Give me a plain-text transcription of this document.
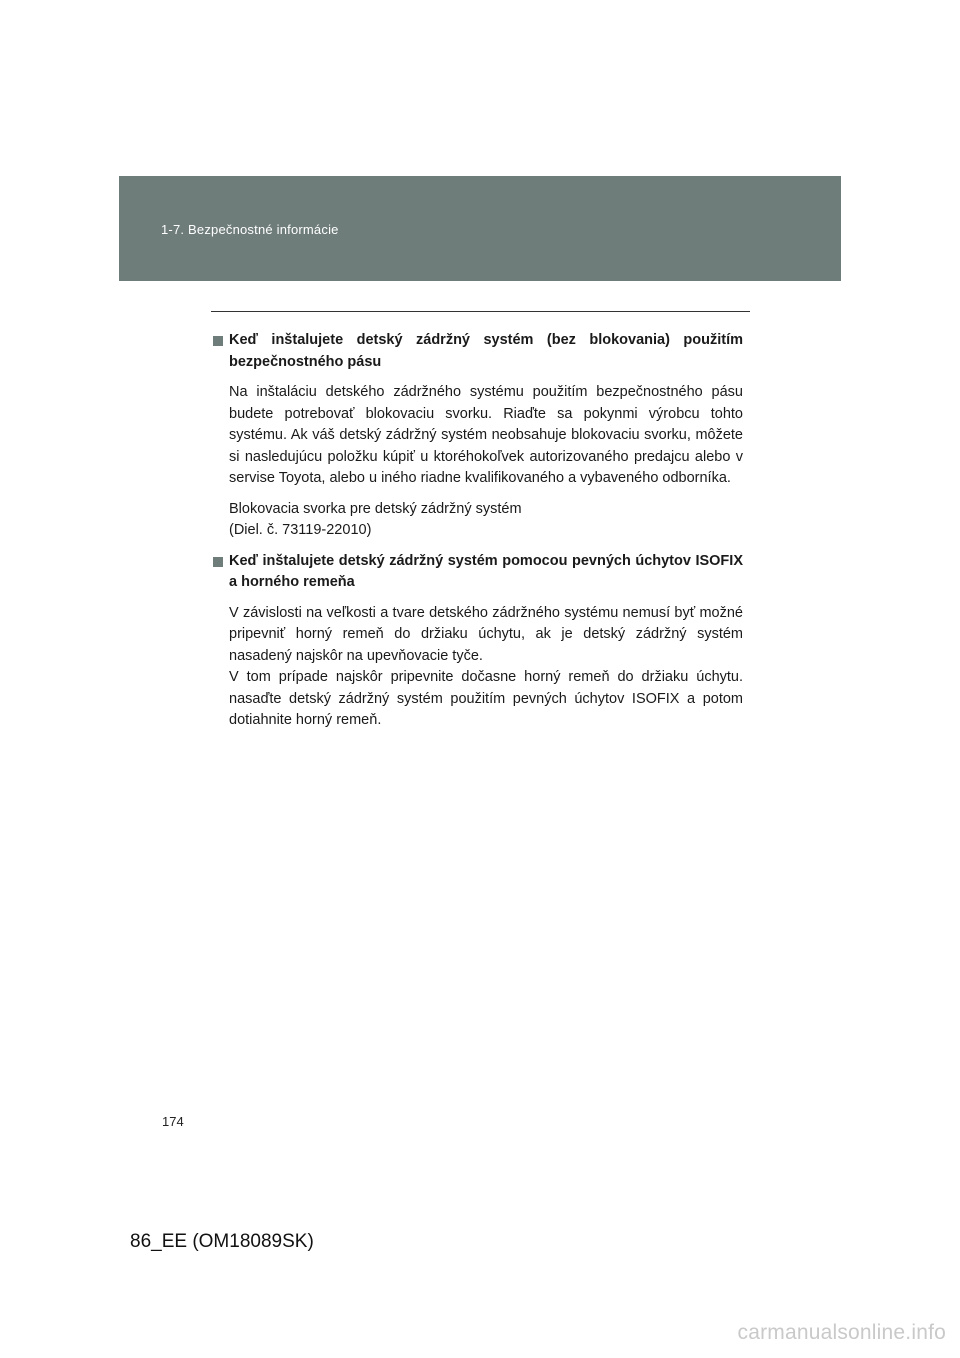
1-7. Bezpečnostné informácie
Keď inštalujete detský zádržný systém (bez blokovania) použitím bezpečnostného pásu

Na inštaláciu detského zádržného systému použitím bezpečnostného pásu budete potrebovať blokovaciu svorku. Riaďte sa pokynmi výrobcu tohto systému. Ak váš detský zádržný systém neobsahuje blokovaciu svorku, môžete si nasledujúcu položku kúpiť u ktoréhokoľvek autorizovaného predajcu alebo v servise Toyota, alebo u iného riadne kvalifikovaného a vybaveného odborníka.

Blokovacia svorka pre detský zádržný systém
(Diel. č. 73119-22010)

Keď inštalujete detský zádržný systém pomocou pevných úchytov ISOFIX a horného remeňa

V závislosti na veľkosti a tvare detského zádržného systému nemusí byť možné pripevniť horný remeň do držiaku úchytu, ak je detský zádržný systém nasadený najskôr na upevňovacie tyče.
V tom prípade najskôr pripevnite dočasne horný remeň do držiaku úchytu. nasaďte detský zádržný systém použitím pevných úchytov ISOFIX a potom dotiahnite horný remeň.

174
86_EE (OM18089SK)
carmanualsonline.info
